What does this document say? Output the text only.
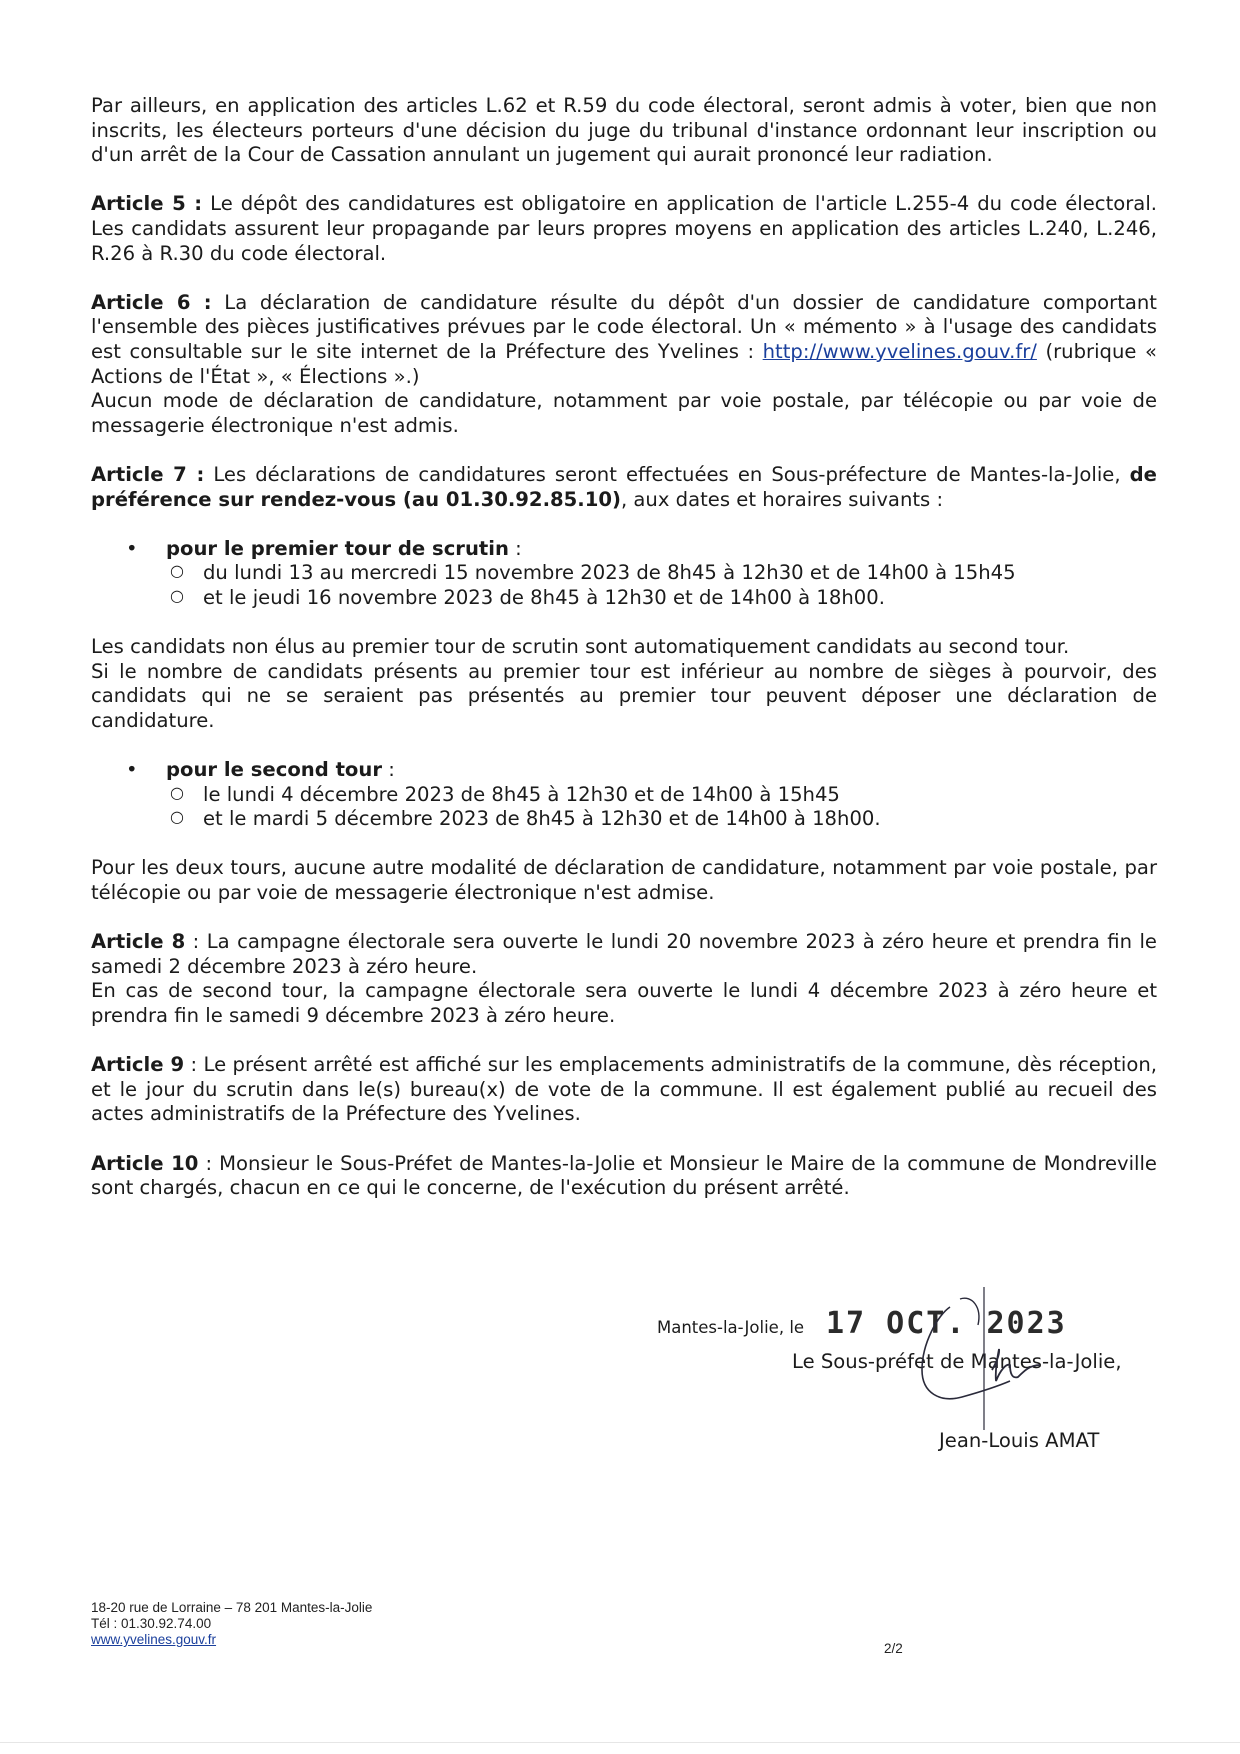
Par ailleurs, en application des articles L.62 et R.59 du code électoral, seront admis à voter, bien que non inscrits, les électeurs porteurs d'une décision du juge du tribunal d'instance ordonnant leur inscription ou d'un arrêt de la Cour de Cassation annulant un jugement qui aurait prononcé leur radiation.

Article 5 : Le dépôt des candidatures est obligatoire en application de l'article L.255-4 du code électoral. Les candidats assurent leur propagande par leurs propres moyens en application des articles L.240, L.246, R.26 à R.30 du code électoral.

Article 6 : La déclaration de candidature résulte du dépôt d'un dossier de candidature comportant l'ensemble des pièces justificatives prévues par le code électoral. Un « mémento » à l'usage des candidats est consultable sur le site internet de la Préfecture des Yvelines : http://www.yvelines.gouv.fr/ (rubrique « Actions de l'État », « Élections ».)

Aucun mode de déclaration de candidature, notamment par voie postale, par télécopie ou par voie de messagerie électronique n'est admis.

Article 7 : Les déclarations de candidatures seront effectuées en Sous-préfecture de Mantes-la-Jolie, de préférence sur rendez-vous (au 01.30.92.85.10), aux dates et horaires suivants :

• pour le premier tour de scrutin :
○ du lundi 13 au mercredi 15 novembre 2023 de 8h45 à 12h30 et de 14h00 à 15h45
○ et le jeudi 16 novembre 2023 de 8h45 à 12h30 et de 14h00 à 18h00.

Les candidats non élus au premier tour de scrutin sont automatiquement candidats au second tour.

Si le nombre de candidats présents au premier tour est inférieur au nombre de sièges à pourvoir, des candidats qui ne se seraient pas présentés au premier tour peuvent déposer une déclaration de candidature.

• pour le second tour :
○ le lundi 4 décembre 2023 de 8h45 à 12h30 et de 14h00 à 15h45
○ et le mardi 5 décembre 2023 de 8h45 à 12h30 et de 14h00 à 18h00.

Pour les deux tours, aucune autre modalité de déclaration de candidature, notamment par voie postale, par télécopie ou par voie de messagerie électronique n'est admise.

Article 8 : La campagne électorale sera ouverte le lundi 20 novembre 2023 à zéro heure et prendra fin le samedi 2 décembre 2023 à zéro heure.

En cas de second tour, la campagne électorale sera ouverte le lundi 4 décembre 2023 à zéro heure et prendra fin le samedi 9 décembre 2023 à zéro heure.

Article 9 : Le présent arrêté est affiché sur les emplacements administratifs de la commune, dès réception, et le jour du scrutin dans le(s) bureau(x) de vote de la commune. Il est également publié au recueil des actes administratifs de la Préfecture des Yvelines.

Article 10 : Monsieur le Sous-Préfet de Mantes-la-Jolie et Monsieur le Maire de la commune de Mondreville sont chargés, chacun en ce qui le concerne, de l'exécution du présent arrêté.

Mantes-la-Jolie, le 17 OCT. 2023
Le Sous-préfet de Mantes-la-Jolie,
Jean-Louis AMAT
18-20 rue de Lorraine – 78 201 Mantes-la-Jolie
Tél : 01.30.92.74.00
www.yvelines.gouv.fr
2/2
